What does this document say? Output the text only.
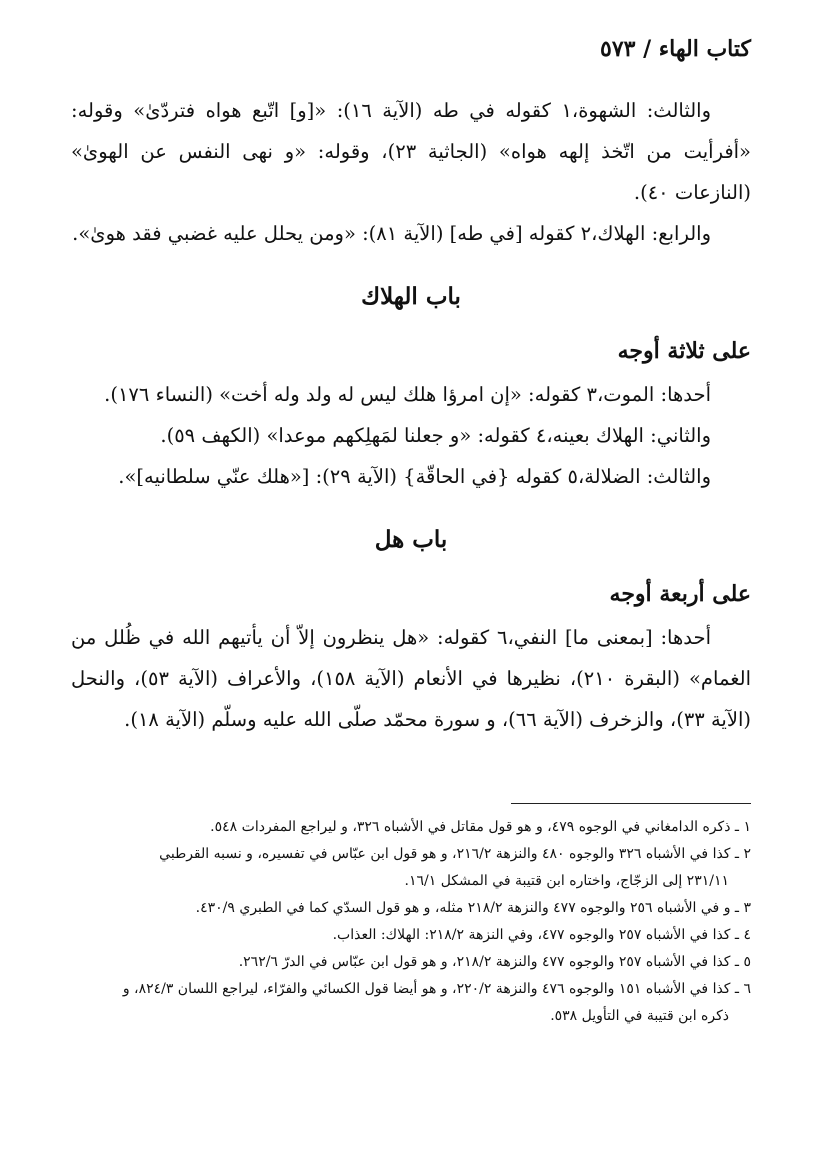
كتاب الهاء / ٥٧٣

والثالث: الشهوة،١ كقوله في طه (الآية ١٦): «[و] اتّبع هواه فتردّىٰ» وقوله: «أفرأيت من اتّخذ إلهه هواه» (الجاثية ٢٣)، وقوله: «و نهى النفس عن الهوىٰ» (النازعات ٤٠).

والرابع: الهلاك،٢ كقوله [في طه] (الآية ٨١): «ومن يحلل عليه غضبي فقد هوىٰ».

باب الهلاك
على ثلاثة أوجه

أحدها: الموت،٣ كقوله: «إن امرؤا هلك ليس له ولد وله أخت» (النساء ١٧٦).

والثاني: الهلاك بعينه،٤ كقوله: «و جعلنا لمَهلِكهم موعدا» (الكهف ٥٩).

والثالث: الضلالة،٥ كقوله {في الحاقّة} (الآية ٢٩): [«هلك عنّي سلطانيه]».

باب هل
على أربعة أوجه

أحدها: [بمعنى ما] النفي،٦ كقوله: «هل ينظرون إلاّ أن يأتيهم الله في ظُلل من الغمام» (البقرة ٢١٠)، نظيرها في الأنعام (الآية ١٥٨)، والأعراف (الآية ٥٣)، والنحل (الآية ٣٣)، والزخرف (الآية ٦٦)، و سورة محمّد صلّى الله عليه وسلّم (الآية ١٨).

١ ـ ذكره الدامغاني في الوجوه ٤٧٩، و هو قول مقاتل في الأشباه ٣٢٦، و ليراجع المفردات ٥٤٨.

٢ ـ كذا في الأشباه ٣٢٦ والوجوه ٤٨٠ والنزهة ٢١٦/٢، و هو قول ابن عبّاس في تفسيره، و نسبه القرطبي

٢٣١/١١ إلى الزجّاج، واختاره ابن قتيبة في المشكل ١٦/١.

٣ ـ و في الأشباه ٢٥٦ والوجوه ٤٧٧ والنزهة ٢١٨/٢ مثله، و هو قول السدّي كما في الطبري ٤٣٠/٩.

٤ ـ كذا في الأشباه ٢٥٧ والوجوه ٤٧٧، وفي النزهة ٢١٨/٢: الهلاك: العذاب.

٥ ـ كذا في الأشباه ٢٥٧ والوجوه ٤٧٧ والنزهة ٢١٨/٢، و هو قول ابن عبّاس في الدرّ ٢٦٢/٦.

٦ ـ كذا في الأشباه ١٥١ والوجوه ٤٧٦ والنزهة ٢٢٠/٢، و هو أيضا قول الكسائي والفرّاء، ليراجع اللسان ٨٢٤/٣، و

ذكره ابن قتيبة في التأويل ٥٣٨.
